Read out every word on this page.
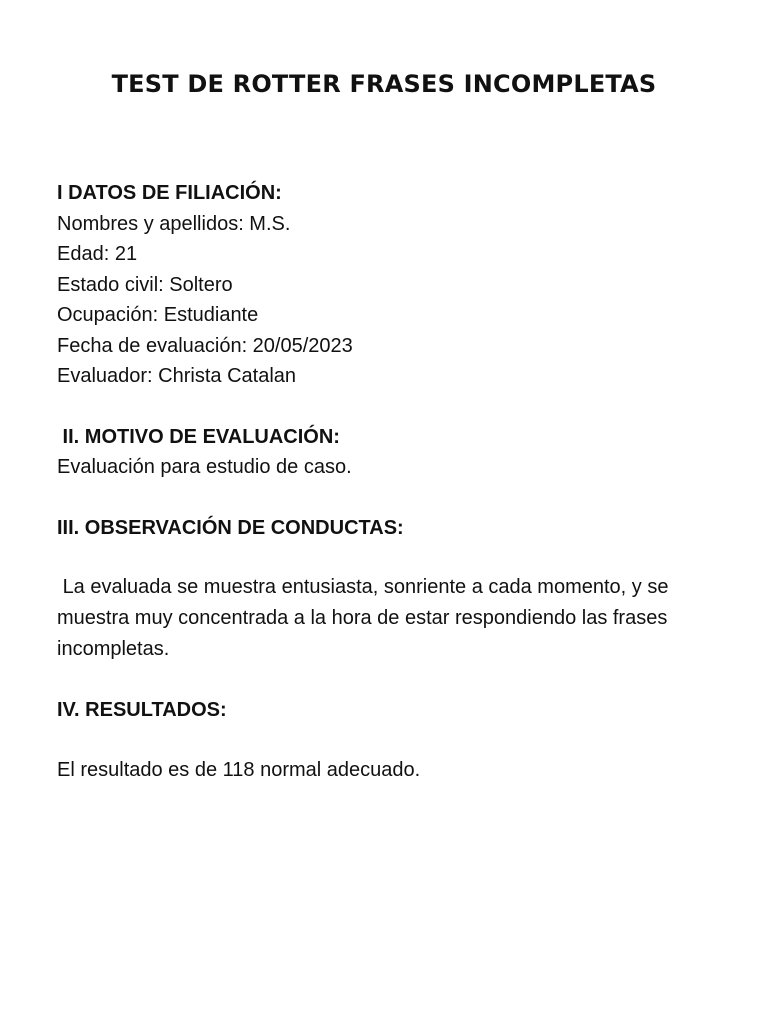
TEST DE ROTTER FRASES INCOMPLETAS

I DATOS DE FILIACIÓN:

Nombres y apellidos: M.S.

Edad: 21

Estado civil: Soltero

Ocupación: Estudiante

Fecha de evaluación: 20/05/2023

Evaluador: Christa Catalan

II. MOTIVO DE EVALUACIÓN:

Evaluación para estudio de caso.

III. OBSERVACIÓN DE CONDUCTAS:

La evaluada se muestra entusiasta, sonriente a cada momento, y se muestra muy concentrada a la hora de estar respondiendo las frases incompletas.

IV. RESULTADOS:

El resultado es de 118 normal adecuado.
